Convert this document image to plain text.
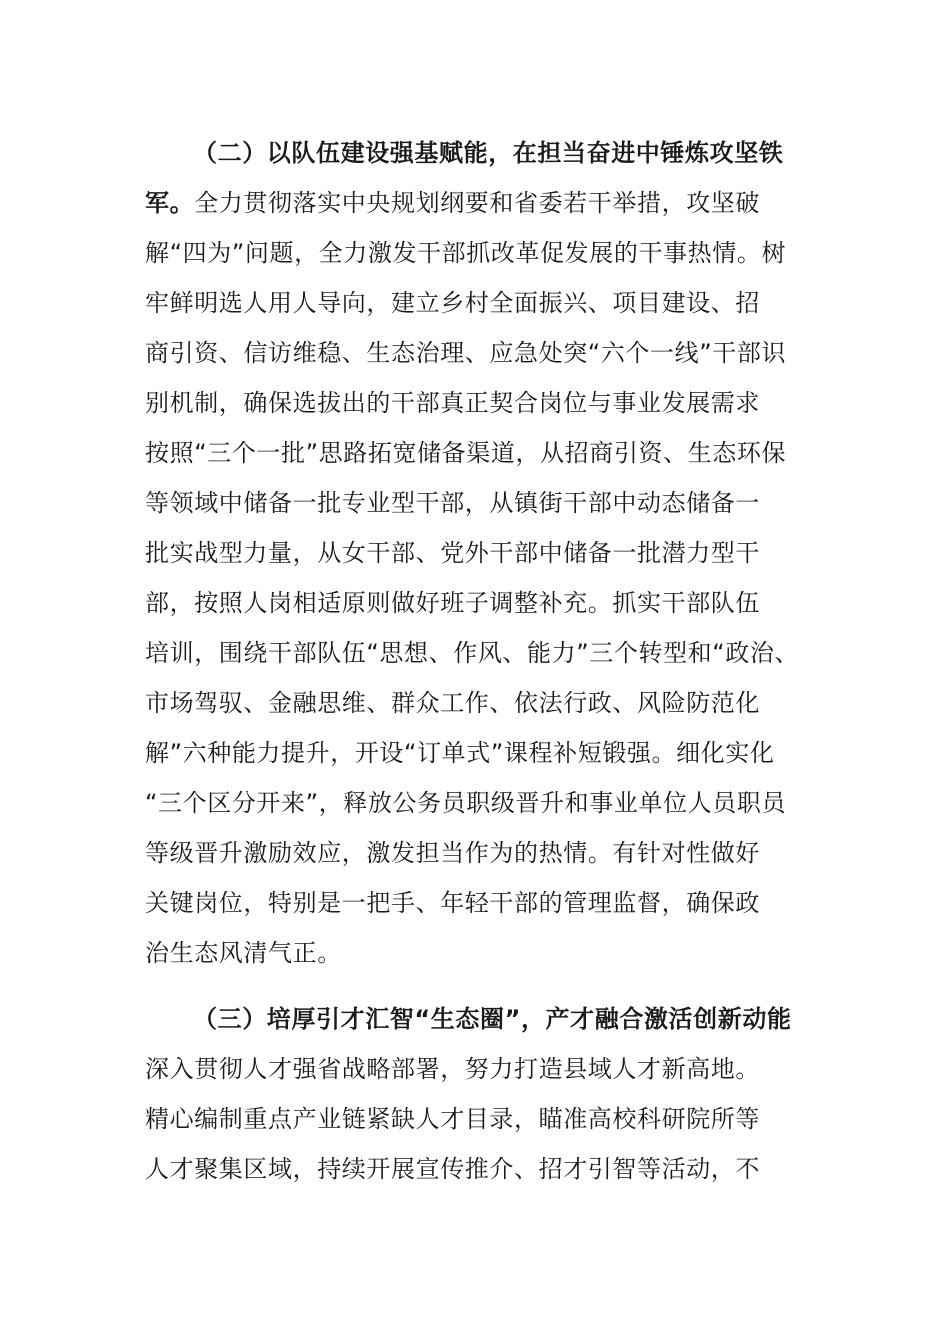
（二）以队伍建设强基赋能，在担当奋进中锤炼攻坚铁
军。全力贯彻落实中央规划纲要和省委若干举措，攻坚破
解“四为”问题，全力激发干部抓改革促发展的干事热情。树
牢鲜明选人用人导向，建立乡村全面振兴、项目建设、招
商引资、信访维稳、生态治理、应急处突“六个一线”干部识
别机制，确保选拔出的干部真正契合岗位与事业发展需求
按照“三个一批”思路拓宽储备渠道，从招商引资、生态环保
等领域中储备一批专业型干部，从镇街干部中动态储备一
批实战型力量，从女干部、党外干部中储备一批潜力型干
部，按照人岗相适原则做好班子调整补充。抓实干部队伍
培训，围绕干部队伍“思想、作风、能力”三个转型和“政治、
市场驾驭、金融思维、群众工作、依法行政、风险防范化
解”六种能力提升，开设“订单式”课程补短锻强。细化实化
“三个区分开来”，释放公务员职级晋升和事业单位人员职员
等级晋升激励效应，激发担当作为的热情。有针对性做好
关键岗位，特别是一把手、年轻干部的管理监督，确保政
治生态风清气正。
（三）培厚引才汇智“生态圈”，产才融合激活创新动能
深入贯彻人才强省战略部署，努力打造县域人才新高地。
精心编制重点产业链紧缺人才目录，瞄准高校科研院所等
人才聚集区域，持续开展宣传推介、招才引智等活动，不
